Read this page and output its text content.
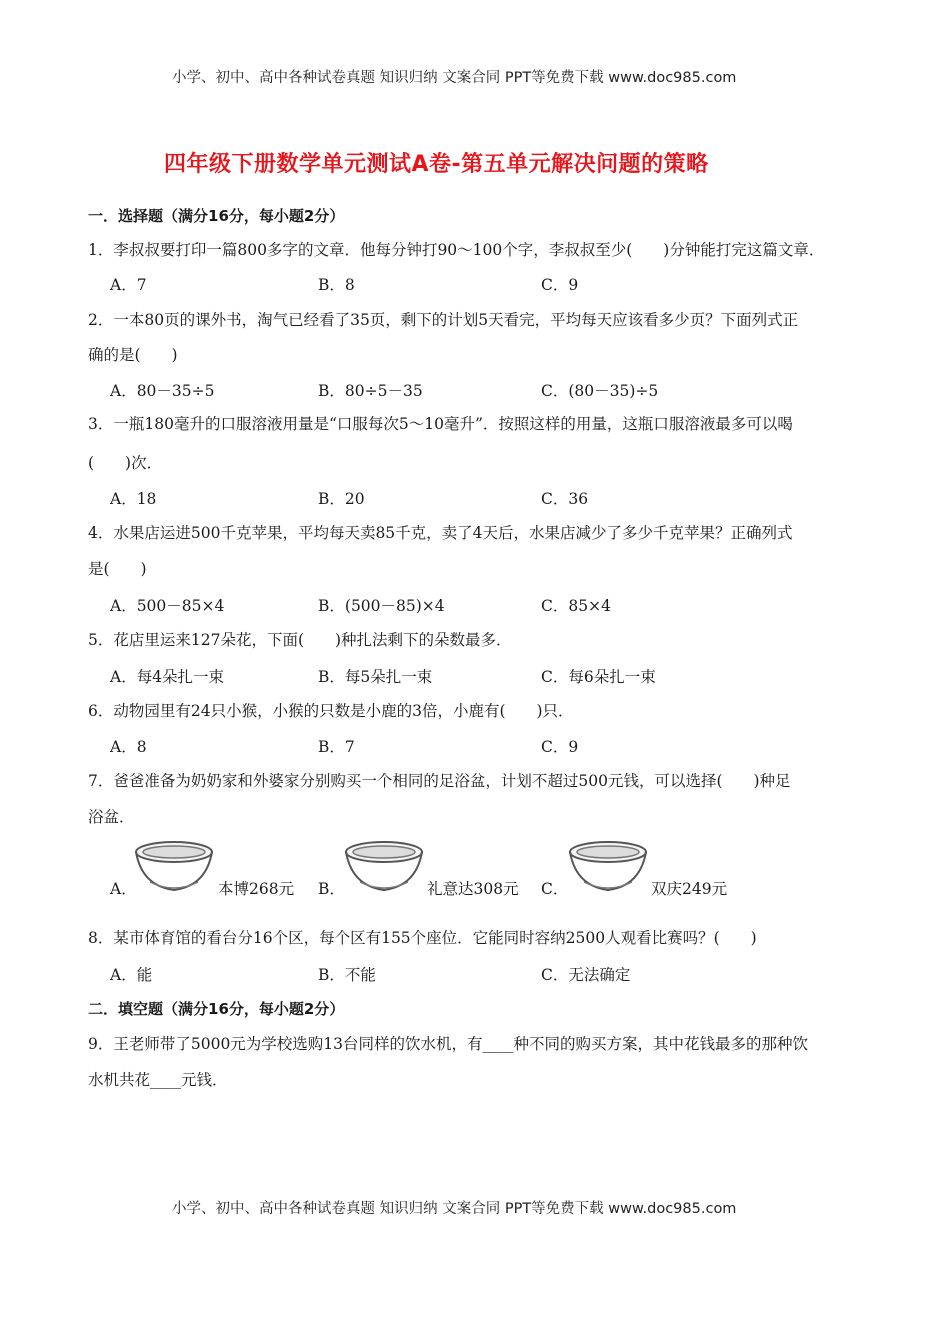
小学、初中、高中各种试卷真题 知识归纳 文案合同 PPT等免费下载 www.doc985.com
四年级下册数学单元测试A卷-第五单元解决问题的策略
一．选择题（满分16分，每小题2分）
1．李叔叔要打印一篇800多字的文章．他每分钟打90～100个字，李叔叔至少(　　)分钟能打完这篇文章．
A．7	B．8	C．9
2．一本80页的课外书，淘气已经看了35页，剩下的计划5天看完，平均每天应该看多少页？下面列式正
确的是(　　)
A．80－35÷5	B．80÷5－35	C．(80－35)÷5
3．一瓶180毫升的口服溶液用量是“口服每次5～10毫升”．按照这样的用量，这瓶口服溶液最多可以喝
(　　)次．
A．18	B．20	C．36
4．水果店运进500千克苹果，平均每天卖85千克，卖了4天后，水果店减少了多少千克苹果？正确列式
是(　　)
A．500－85×4	B．(500－85)×4	C．85×4
5．花店里运来127朵花，下面(　　)种扎法剩下的朵数最多．
A．每4朵扎一束	B．每5朵扎一束	C．每6朵扎一束
6．动物园里有24只小猴，小猴的只数是小鹿的3倍，小鹿有(　　)只．
A．8	B．7	C．9
7．爸爸准备为奶奶家和外婆家分别购买一个相同的足浴盆，计划不超过500元钱，可以选择(　　)种足
浴盆．
A．	本博268元 B．	礼意达308元 C．	双庆249元
8．某市体育馆的看台分16个区，每个区有155个座位．它能同时容纳2500人观看比赛吗？(　　)
A．能	B．不能	C．无法确定
二．填空题（满分16分，每小题2分）
9．王老师带了5000元为学校选购13台同样的饮水机，有____种不同的购买方案，其中花钱最多的那种饮
水机共花____元钱．
小学、初中、高中各种试卷真题 知识归纳 文案合同 PPT等免费下载 www.doc985.com
